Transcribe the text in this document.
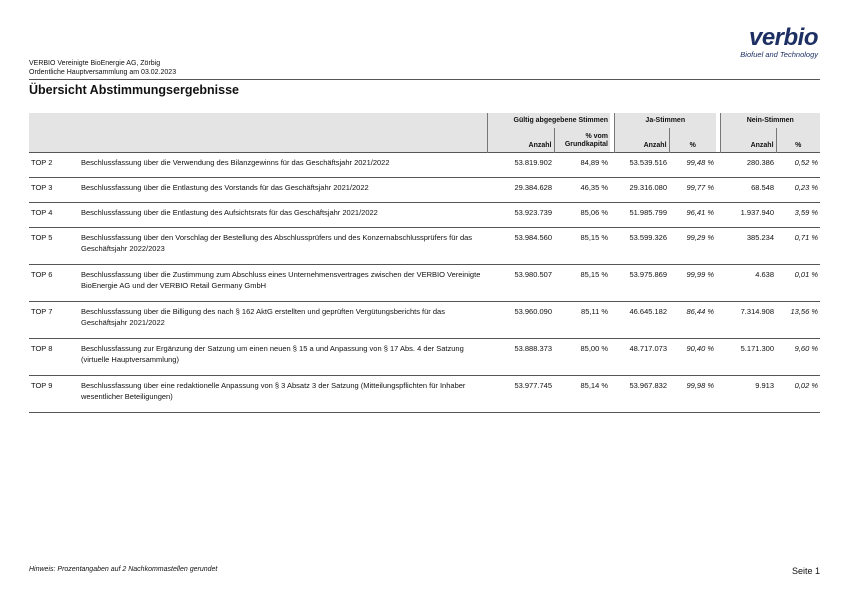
verbio
Biofuel and Technology
VERBIO Vereinigte BioEnergie AG, Zörbig
Ordentliche Hauptversammlung am 03.02.2023
Übersicht Abstimmungsergebnisse
		Gültig abgegebene Stimmen			Ja-Stimmen			Nein-Stimmen	
		Anzahl	% vom Grundkapital		Anzahl	%		Anzahl	%
TOP 2	Beschlussfassung über die Verwendung des Bilanzgewinns für das Geschäftsjahr 2021/2022	53.819.902	84,89 %		53.539.516	99,48 %		280.386	0,52 %
TOP 3	Beschlussfassung über die Entlastung des Vorstands für das Geschäftsjahr 2021/2022	29.384.628	46,35 %		29.316.080	99,77 %		68.548	0,23 %
TOP 4	Beschlussfassung über die Entlastung des Aufsichtsrats für das Geschäftsjahr 2021/2022	53.923.739	85,06 %		51.985.799	96,41 %		1.937.940	3,59 %
TOP 5	Beschlussfassung über den Vorschlag der Bestellung des Abschlussprüfers und des Konzernabschlussprüfers für das Geschäftsjahr 2022/2023	53.984.560	85,15 %		53.599.326	99,29 %		385.234	0,71 %
TOP 6	Beschlussfassung über die Zustimmung zum Abschluss eines Unternehmensvertrages zwischen der VERBIO Vereinigte BioEnergie AG und der VERBIO Retail Germany GmbH	53.980.507	85,15 %		53.975.869	99,99 %		4.638	0,01 %
TOP 7	Beschlussfassung über die Billigung des nach § 162 AktG erstellten und geprüften Vergütungsberichts für das Geschäftsjahr 2021/2022	53.960.090	85,11 %		46.645.182	86,44 %		7.314.908	13,56 %
TOP 8	Beschlussfassung zur Ergänzung der Satzung um einen neuen § 15 a und Anpassung von § 17 Abs. 4 der Satzung (virtuelle Hauptversammlung)	53.888.373	85,00 %		48.717.073	90,40 %		5.171.300	9,60 %
TOP 9	Beschlussfassung über eine redaktionelle Anpassung von § 3 Absatz 3 der Satzung (Mitteilungspflichten für Inhaber wesentlicher Beteiligungen)	53.977.745	85,14 %		53.967.832	99,98 %		9.913	0,02 %
Hinweis: Prozentangaben auf 2 Nachkommastellen gerundet	Seite 1
